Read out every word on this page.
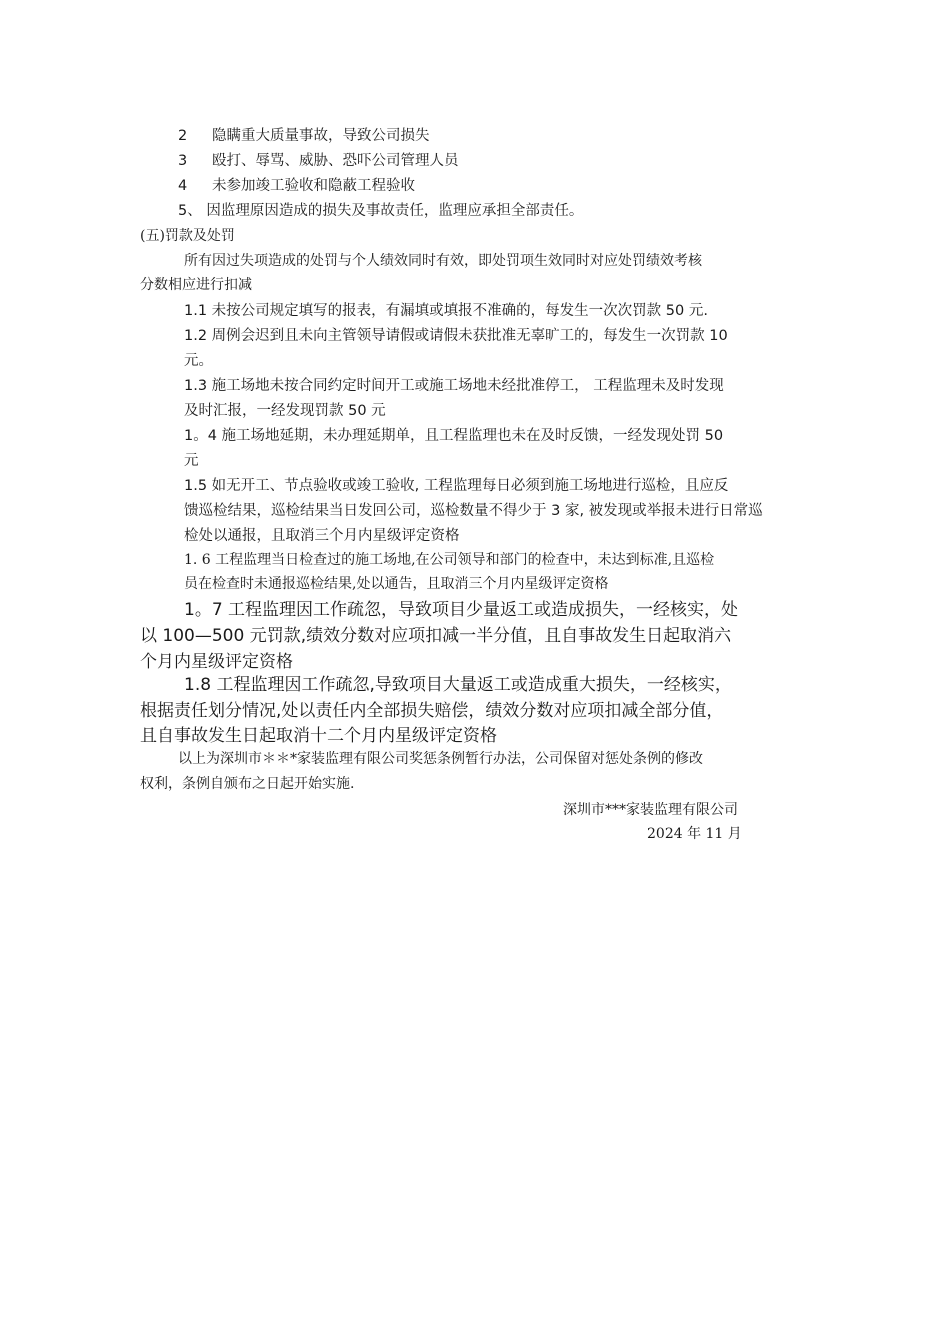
2 隐瞒重大质量事故，导致公司损失
3 殴打、辱骂、威胁、恐吓公司管理人员
4 未参加竣工验收和隐蔽工程验收
5、 因监理原因造成的损失及事故责任，监理应承担全部责任。
(五)罚款及处罚
所有因过失项造成的处罚与个人绩效同时有效，即处罚项生效同时对应处罚绩效考核
分数相应进行扣减
1.1 未按公司规定填写的报表，有漏填或填报不准确的，每发生一次次罚款 50 元.
1.2 周例会迟到且未向主管领导请假或请假未获批准无辜旷工的，每发生一次罚款 10
元。
1.3 施工场地未按合同约定时间开工或施工场地未经批准停工， 工程监理未及时发现
及时汇报，一经发现罚款 50 元
1。4 施工场地延期，未办理延期单，且工程监理也未在及时反馈，一经发现处罚 50
元
1.5 如无开工、节点验收或竣工验收, 工程监理每日必须到施工场地进行巡检，且应反
馈巡检结果，巡检结果当日发回公司，巡检数量不得少于 3 家, 被发现或举报未进行日常巡
检处以通报，且取消三个月内星级评定资格
1. 6 工程监理当日检查过的施工场地,在公司领导和部门的检查中，未达到标准,且巡检
员在检查时未通报巡检结果,处以通告，且取消三个月内星级评定资格
1。7 工程监理因工作疏忽，导致项目少量返工或造成损失，一经核实，处
以 100—500 元罚款,绩效分数对应项扣减一半分值，且自事故发生日起取消六
个月内星级评定资格
1.8 工程监理因工作疏忽,导致项目大量返工或造成重大损失，一经核实，
根据责任划分情况,处以责任内全部损失赔偿，绩效分数对应项扣减全部分值，
且自事故发生日起取消十二个月内星级评定资格
以上为深圳市＊＊*家装监理有限公司奖惩条例暂行办法，公司保留对惩处条例的修改
权利，条例自颁布之日起开始实施.
深圳市***家装监理有限公司
2024 年 11 月
